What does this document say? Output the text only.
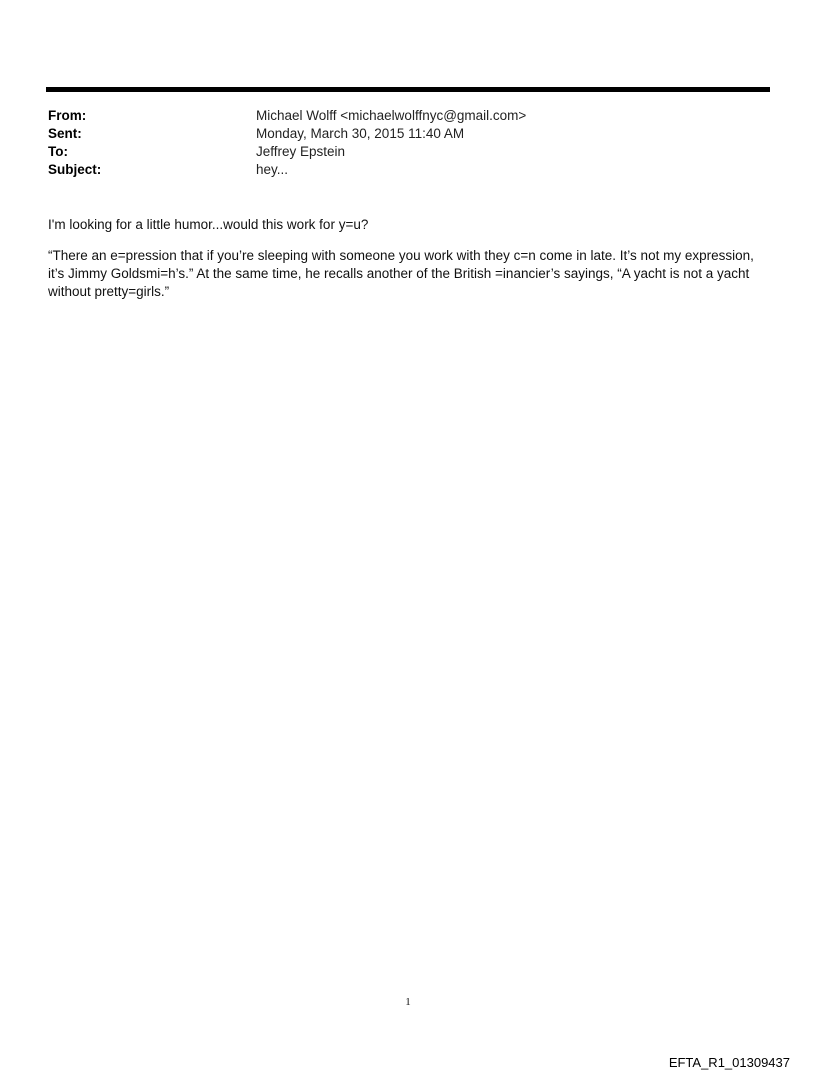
From:	Michael Wolff <michaelwolffnyc@gmail.com>
Sent:	Monday, March 30, 2015 11:40 AM
To:	Jeffrey Epstein
Subject:	hey...

I'm looking for a little humor...would this work for y=u?

“There an e=pression that if you’re sleeping with someone you work with they c=n come in late. It’s not my expression, it’s Jimmy Goldsmi=h’s.” At the same time, he recalls another of the British =inancier’s sayings, “A yacht is not a yacht without pretty=girls.”

1
EFTA_R1_01309437
